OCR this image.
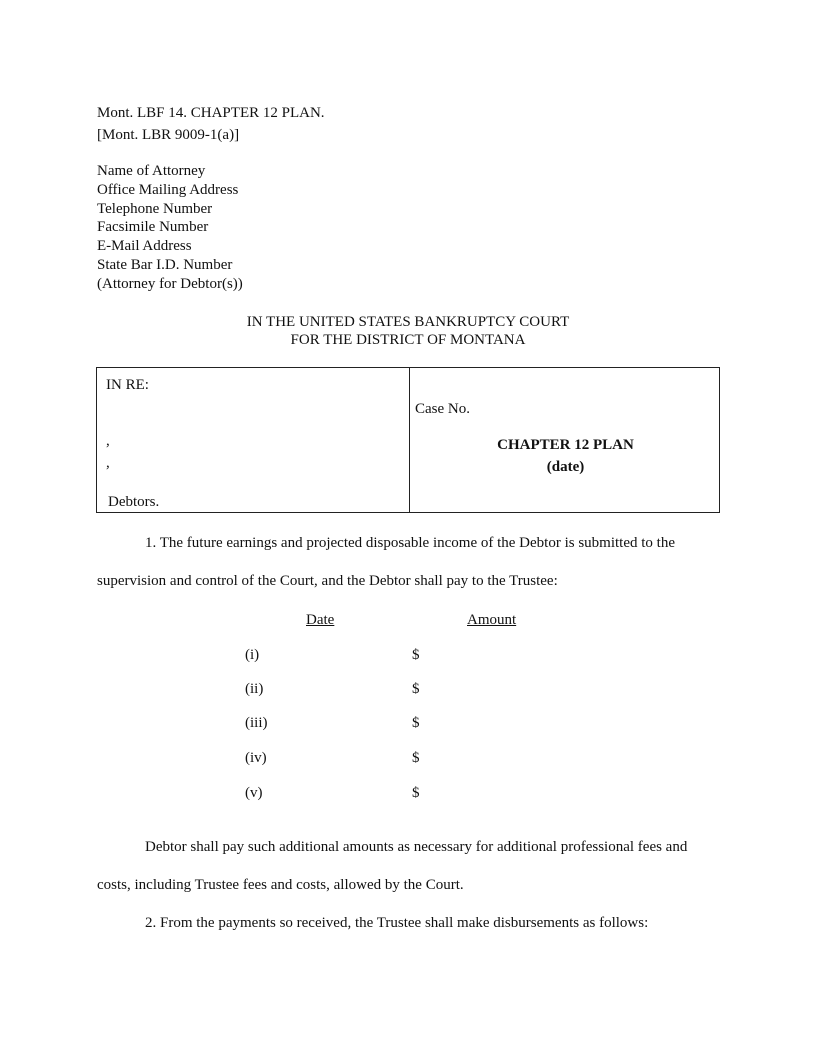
Mont. LBF 14. CHAPTER 12 PLAN.
[Mont. LBR 9009-1(a)]
Name of Attorney
Office Mailing Address
Telephone Number
Facsimile Number
E-Mail Address
State Bar I.D. Number
(Attorney for Debtor(s))
IN THE UNITED STATES BANKRUPTCY COURT
FOR THE DISTRICT OF MONTANA
IN RE:
,
,
Debtors.
Case No.
CHAPTER 12 PLAN
(date)
1. The future earnings and projected disposable income of the Debtor is submitted to the
supervision and control of the Court, and the Debtor shall pay to the Trustee:
Date	Amount
(i)	$
(ii)	$
(iii)	$
(iv)	$
(v)	$
Debtor shall pay such additional amounts as necessary for additional professional fees and
costs, including Trustee fees and costs, allowed by the Court.
2. From the payments so received, the Trustee shall make disbursements as follows:
